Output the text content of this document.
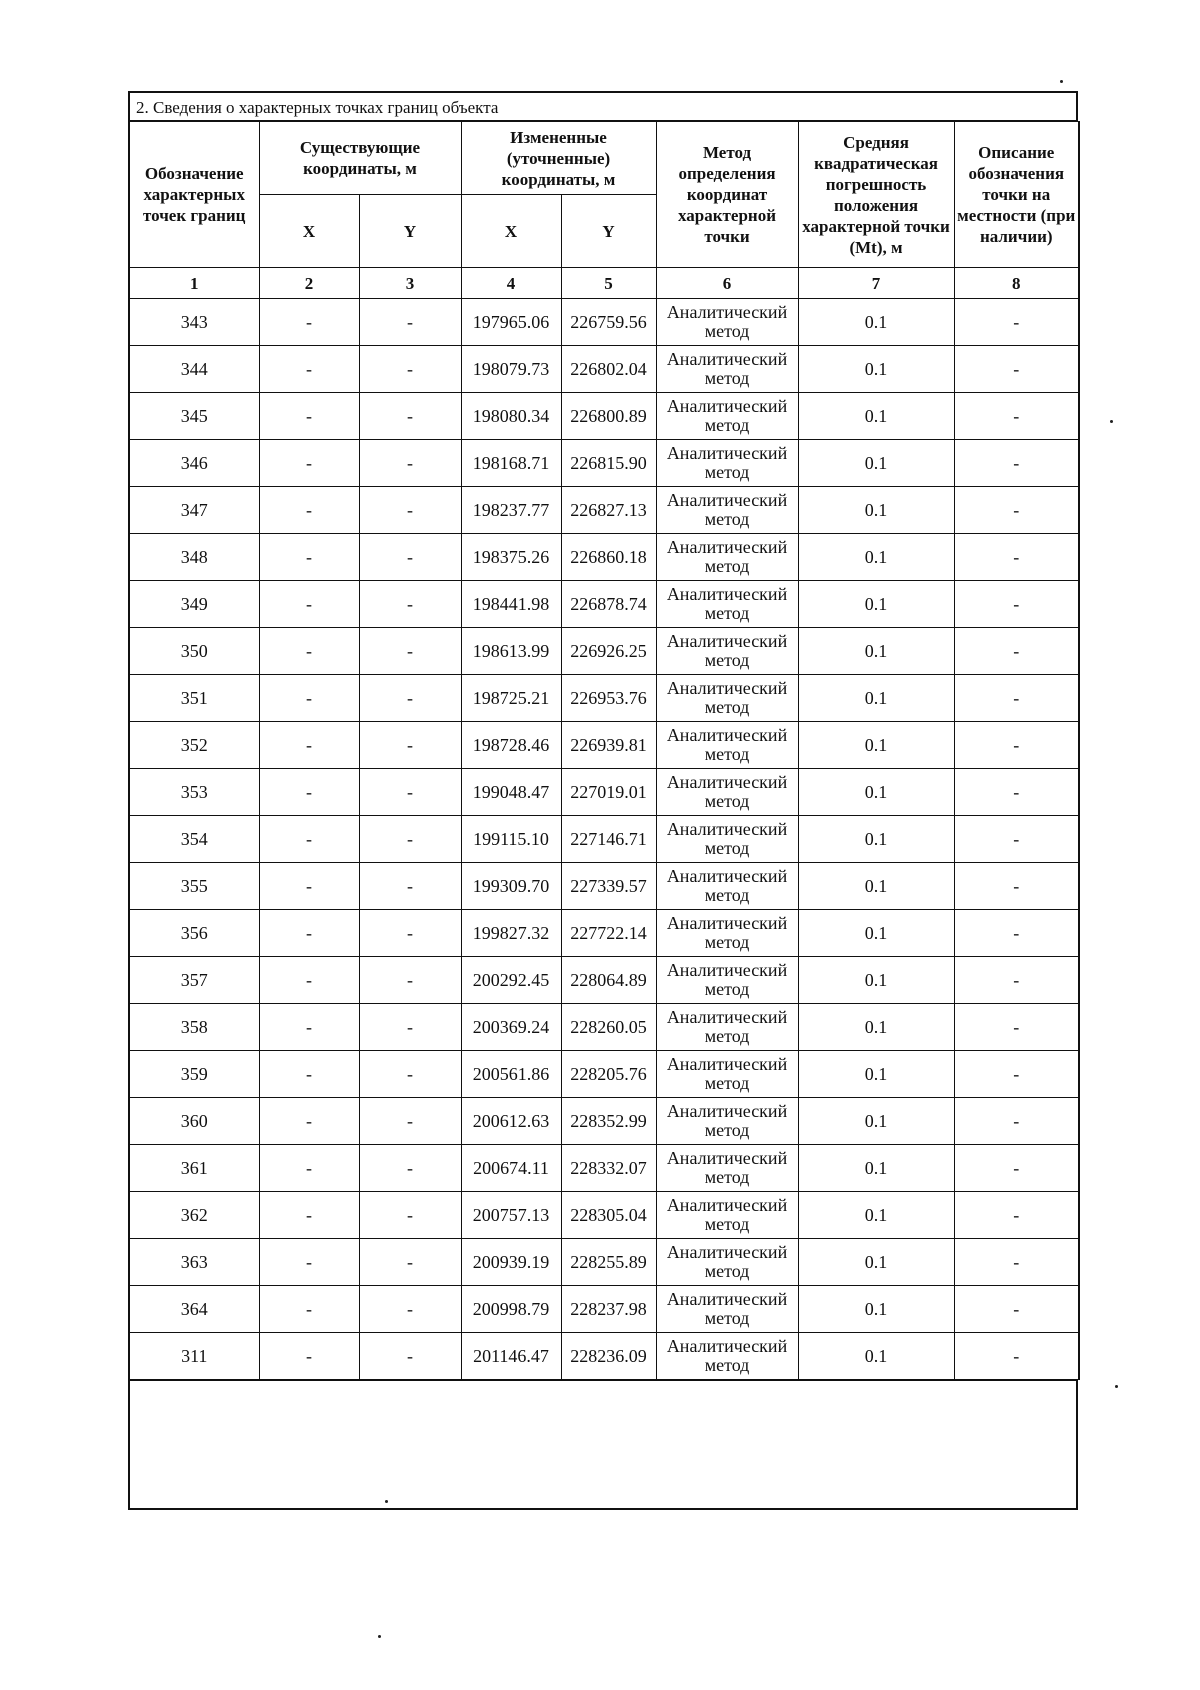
2. Сведения о характерных точках границ объекта
Обозначение характерных точек границ	Существующие координаты, м		Измененные (уточненные) координаты, м		Метод определения координат характерной точки	Средняя квадратическая погрешность положения характерной точки (Mt), м	Описание обозначения точки на местности (при наличии)
	X	Y	X	Y			
1	2	3	4	5	6	7	8
343	-	-	197965.06	226759.56	Аналитический метод	0.1	-
344	-	-	198079.73	226802.04	Аналитический метод	0.1	-
345	-	-	198080.34	226800.89	Аналитический метод	0.1	-
346	-	-	198168.71	226815.90	Аналитический метод	0.1	-
347	-	-	198237.77	226827.13	Аналитический метод	0.1	-
348	-	-	198375.26	226860.18	Аналитический метод	0.1	-
349	-	-	198441.98	226878.74	Аналитический метод	0.1	-
350	-	-	198613.99	226926.25	Аналитический метод	0.1	-
351	-	-	198725.21	226953.76	Аналитический метод	0.1	-
352	-	-	198728.46	226939.81	Аналитический метод	0.1	-
353	-	-	199048.47	227019.01	Аналитический метод	0.1	-
354	-	-	199115.10	227146.71	Аналитический метод	0.1	-
355	-	-	199309.70	227339.57	Аналитический метод	0.1	-
356	-	-	199827.32	227722.14	Аналитический метод	0.1	-
357	-	-	200292.45	228064.89	Аналитический метод	0.1	-
358	-	-	200369.24	228260.05	Аналитический метод	0.1	-
359	-	-	200561.86	228205.76	Аналитический метод	0.1	-
360	-	-	200612.63	228352.99	Аналитический метод	0.1	-
361	-	-	200674.11	228332.07	Аналитический метод	0.1	-
362	-	-	200757.13	228305.04	Аналитический метод	0.1	-
363	-	-	200939.19	228255.89	Аналитический метод	0.1	-
364	-	-	200998.79	228237.98	Аналитический метод	0.1	-
311	-	-	201146.47	228236.09	Аналитический метод	0.1	-
